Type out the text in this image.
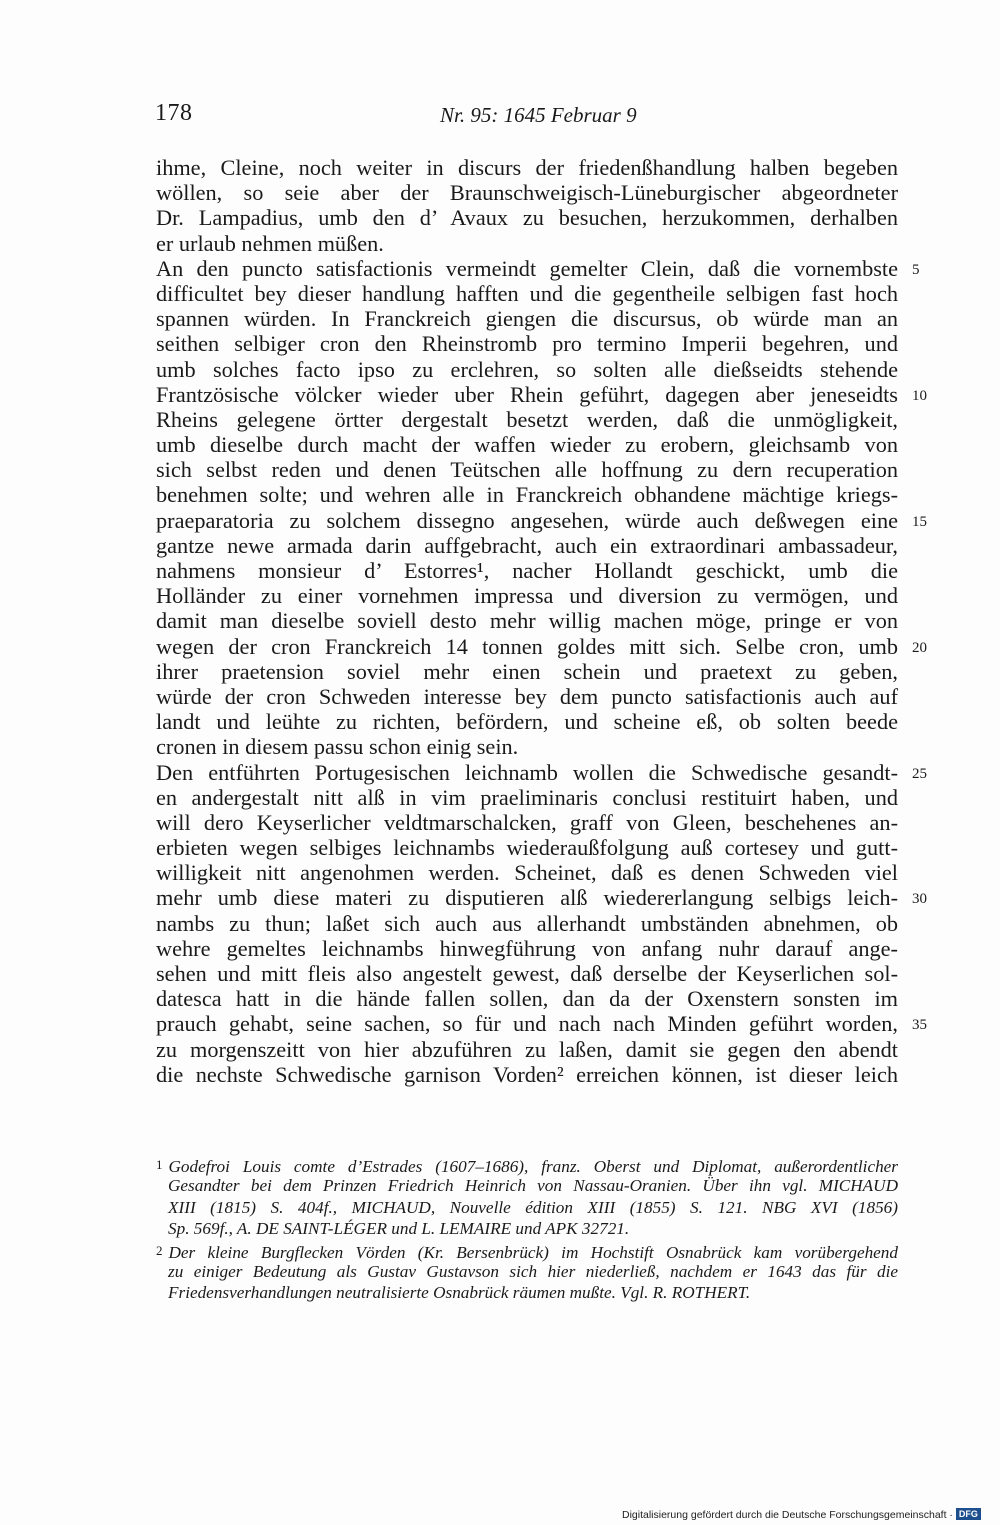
178	Nr. 95: 1645 Februar 9
ihme, Cleine, noch weiter in discurs der friedenßhandlung halben begeben
wöllen, so seie aber der Braunschweigisch-Lüneburgischer abgeordneter
Dr. Lampadius, umb den d’ Avaux zu besuchen, herzukommen, derhalben
er urlaub nehmen müßen.
An den puncto satisfactionis vermeindt gemelter Clein, daß die vornembste 5
difficultet bey dieser handlung hafften und die gegentheile selbigen fast hoch
spannen würden. In Franckreich giengen die discursus, ob würde man an
seithen selbiger cron den Rheinstromb pro termino Imperii begehren, und
umb solches facto ipso zu erclehren, so solten alle dießseidts stehende
Frantzösische völcker wieder uber Rhein geführt, dagegen aber jeneseidts 10
Rheins gelegene örtter dergestalt besetzt werden, daß die unmögligkeit,
umb dieselbe durch macht der waffen wieder zu erobern, gleichsamb von
sich selbst reden und denen Teütschen alle hoffnung zu dern recuperation
benehmen solte; und wehren alle in Franckreich obhandene mächtige kriegs-
praeparatoria zu solchem dissegno angesehen, würde auch deßwegen eine 15
gantze newe armada darin auffgebracht, auch ein extraordinari ambassadeur,
nahmens monsieur d’ Estorres¹, nacher Hollandt geschickt, umb die
Holländer zu einer vornehmen impressa und diversion zu vermögen, und
damit man dieselbe soviell desto mehr willig machen möge, pringe er von
wegen der cron Franckreich 14 tonnen goldes mitt sich. Selbe cron, umb 20
ihrer praetension soviel mehr einen schein und praetext zu geben,
würde der cron Schweden interesse bey dem puncto satisfactionis auch auf
landt und leühte zu richten, befördern, und scheine eß, ob solten beede
cronen in diesem passu schon einig sein.
Den entführten Portugesischen leichnamb wollen die Schwedische gesandt- 25
en andergestalt nitt alß in vim praeliminaris conclusi restituirt haben, und
will dero Keyserlicher veldtmarschalcken, graff von Gleen, beschehenes an-
erbieten wegen selbiges leichnambs wiederaußfolgung auß cortesey und gutt-
willigkeit nitt angenohmen werden. Scheinet, daß es denen Schweden viel
mehr umb diese materi zu disputieren alß wiedererlangung selbigs leich- 30
nambs zu thun; laßet sich auch aus allerhandt umbständen abnehmen, ob
wehre gemeltes leichnambs hinwegführung von anfang nuhr darauf ange-
sehen und mitt fleis also angestelt gewest, daß derselbe der Keyserlichen sol-
datesca hatt in die hände fallen sollen, dan da der Oxenstern sonsten im
prauch gehabt, seine sachen, so für und nach nach Minden geführt worden, 35
zu morgenszeitt von hier abzuführen zu laßen, damit sie gegen den abendt
die nechste Schwedische garnison Vorden² erreichen können, ist dieser leich
1 Godefroi Louis comte d’Estrades (1607–1686), franz. Oberst und Diplomat, außerordentlicher
Gesandter bei dem Prinzen Friedrich Heinrich von Nassau-Oranien. Über ihn vgl. MICHAUD
XIII (1815) S. 404f., MICHAUD, Nouvelle édition XIII (1855) S. 121. NBG XVI (1856)
Sp. 569f., A. DE SAINT-LÉGER und L. LEMAIRE und APK 32721.
2 Der kleine Burgflecken Vörden (Kr. Bersenbrück) im Hochstift Osnabrück kam vorübergehend
zu einiger Bedeutung als Gustav Gustavson sich hier niederließ, nachdem er 1643 das für die
Friedensverhandlungen neutralisierte Osnabrück räumen mußte. Vgl. R. ROTHERT.
Digitalisierung gefördert durch die Deutsche Forschungsgemeinschaft · DFG
